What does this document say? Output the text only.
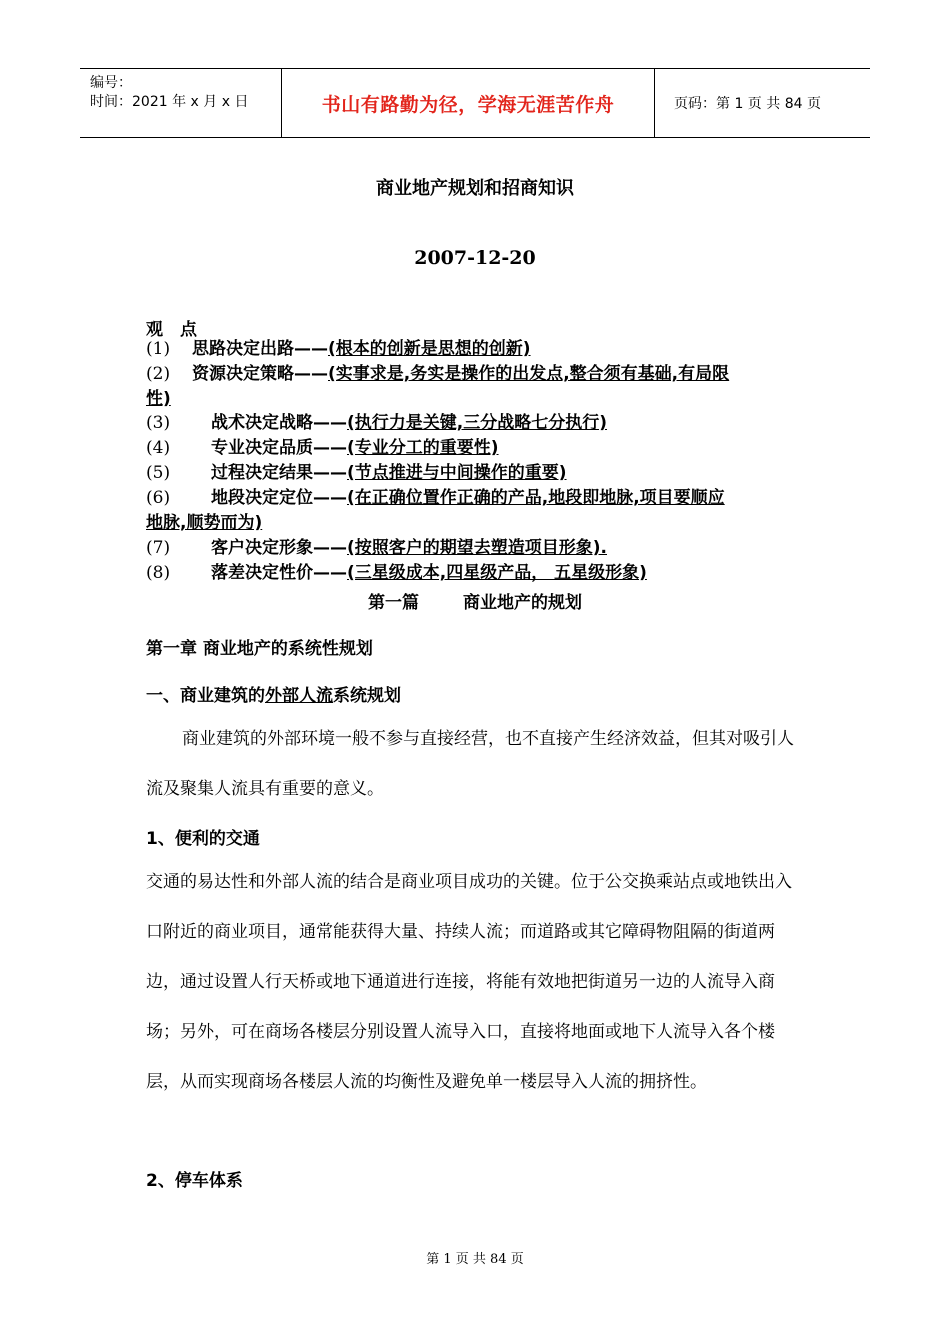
编号：
时间：2021 年 x 月 x 日	书山有路勤为径，学海无涯苦作舟	页码：第 1 页 共 84 页
商业地产规划和招商知识
2007-12-20
观 点
(1) 思路决定出路——(根本的创新是思想的创新)
(2) 资源决定策略——(实事求是,务实是操作的出发点,整合须有基础,有局限
性)
(3) 战术决定战略——(执行力是关键,三分战略七分执行)
(4) 专业决定品质——(专业分工的重要性)
(5) 过程决定结果——(节点推进与中间操作的重要)
(6) 地段决定定位——(在正确位置作正确的产品,地段即地脉,项目要顺应
地脉,顺势而为)
(7) 客户决定形象——(按照客户的期望去塑造项目形象).
(8) 落差决定性价——(三星级成本,四星级产品， 五星级形象)
第一篇	商业地产的规划
第一章 商业地产的系统性规划
一、商业建筑的外部人流系统规划
商业建筑的外部环境一般不参与直接经营，也不直接产生经济效益，但其对吸引人流及聚集人流具有重要的意义。
1、便利的交通
交通的易达性和外部人流的结合是商业项目成功的关键。位于公交换乘站点或地铁出入口附近的商业项目，通常能获得大量、持续人流；而道路或其它障碍物阻隔的街道两边，通过设置人行天桥或地下通道进行连接，将能有效地把街道另一边的人流导入商场；另外，可在商场各楼层分别设置人流导入口，直接将地面或地下人流导入各个楼层，从而实现商场各楼层人流的均衡性及避免单一楼层导入人流的拥挤性。
2、停车体系
第 1 页 共 84 页
